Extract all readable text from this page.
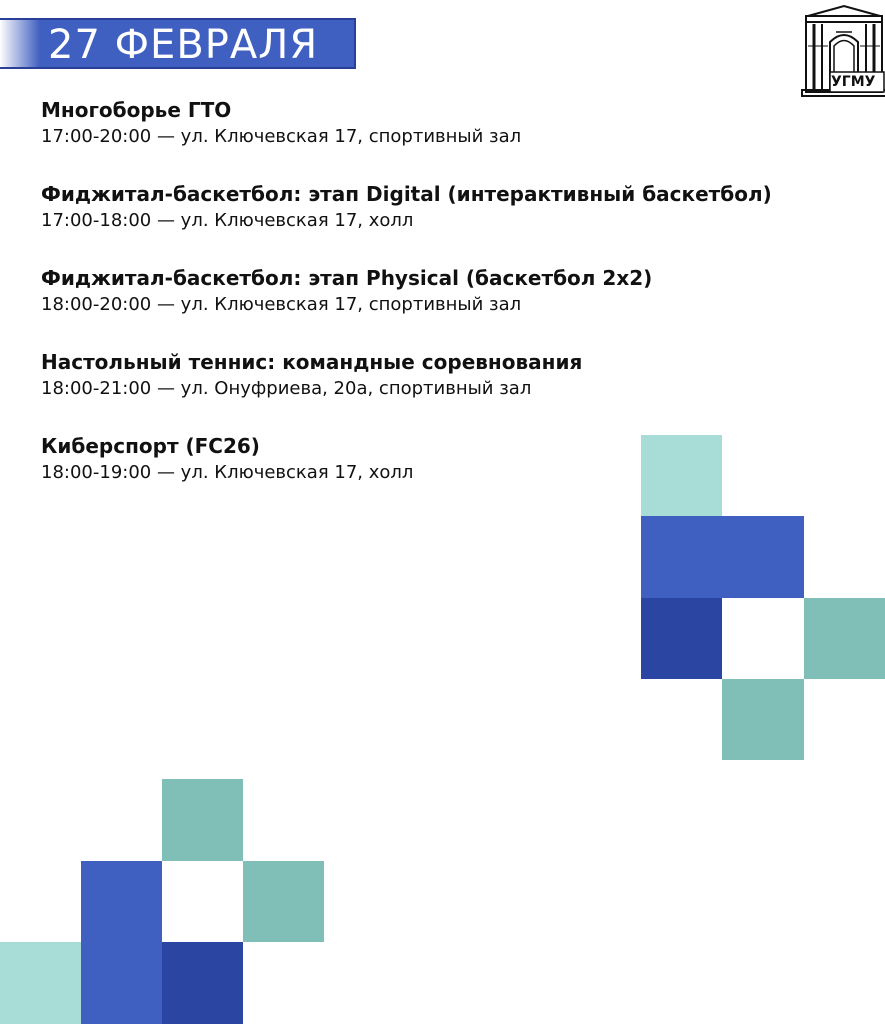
27 ФЕВРАЛЯ
УГМУ
Многоборье ГТО
17:00-20:00 — ул. Ключевская 17, спортивный зал
Фиджитал-баскетбол: этап Digital (интерактивный баскетбол)
17:00-18:00 — ул. Ключевская 17, холл
Фиджитал-баскетбол: этап Physical (баскетбол 2х2)
18:00-20:00 — ул. Ключевская 17, спортивный зал
Настольный теннис: командные соревнования
18:00-21:00 — ул. Онуфриева, 20а, спортивный зал
Киберспорт (FC26)
18:00-19:00 — ул. Ключевская 17, холл
